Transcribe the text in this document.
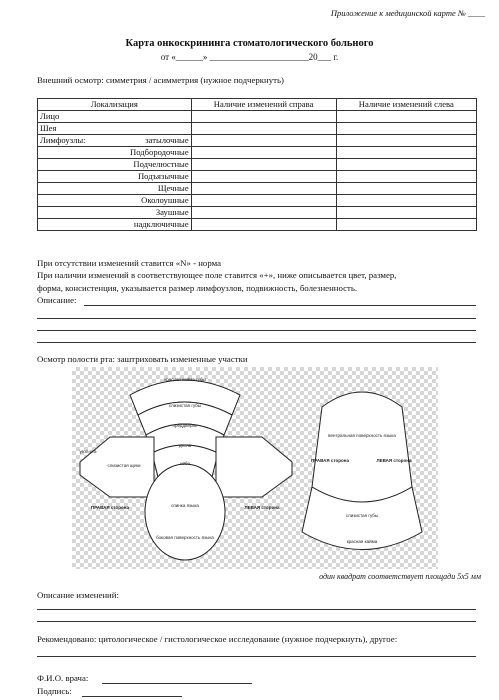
Приложение к медицинской карте № ____
Карта онкоскрининга стоматологического больного
от «______» ______________________20___ г.
Внешний осмотр: симметрия / асимметрия (нужное подчеркнуть)
Локализация	Наличие изменений справа	Наличие изменений слева
Лицо		
Шея		
Лимфоузлы: затылочные		

Подбородочные		
Подчелюстные		
Подъязычные		
Щечные		
Околоушные		
Заушные		
надключичные		
При отсутствии изменений ставится «N» - норма
При наличии изменений в соответствующее поле ставится «+», ниже описывается цвет, размер,
форма, консистенция, указывается размер лимфоузлов, подвижность, болезненность.
Описание:
Осмотр полости рта: заштриховать измененные участки
красная кайма губы
слизистая губы
преддверие
десна
нёбо
угол рта
слизистая щеки
ПРАВАЯ сторона	ЛЕВАЯ сторона
спинка языка
боковая поверхность языка
вентральная поверхность языка
ПРАВАЯ сторона	ЛЕВАЯ сторона
слизистая губы
красная кайма
один квадрат соответствует площади 5x5 мм
Описание изменений:
Рекомендовано: цитологическое / гистологическое исследование (нужное подчеркнуть), другое:
Ф.И.О. врача:
Подпись:
